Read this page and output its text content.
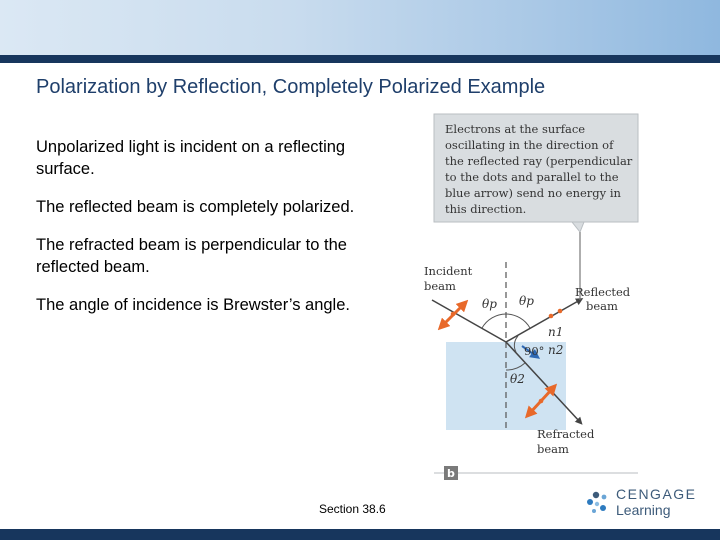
Polarization by Reflection, Completely Polarized Example

Unpolarized light is incident on a reflecting surface.

The reflected beam is completely polarized.

The refracted beam is perpendicular to the reflected beam.

The angle of incidence is Brewster’s angle.

Electrons at the surface oscillating in the direction of the reflected ray (perpendicular to the dots and parallel to the blue arrow) send no energy in this direction.
Incident beam	Reflected beam
Refracted beam
θp θp
90°
θ2
n1
n2
b
Section 38.6
CENGAGE
Learning
